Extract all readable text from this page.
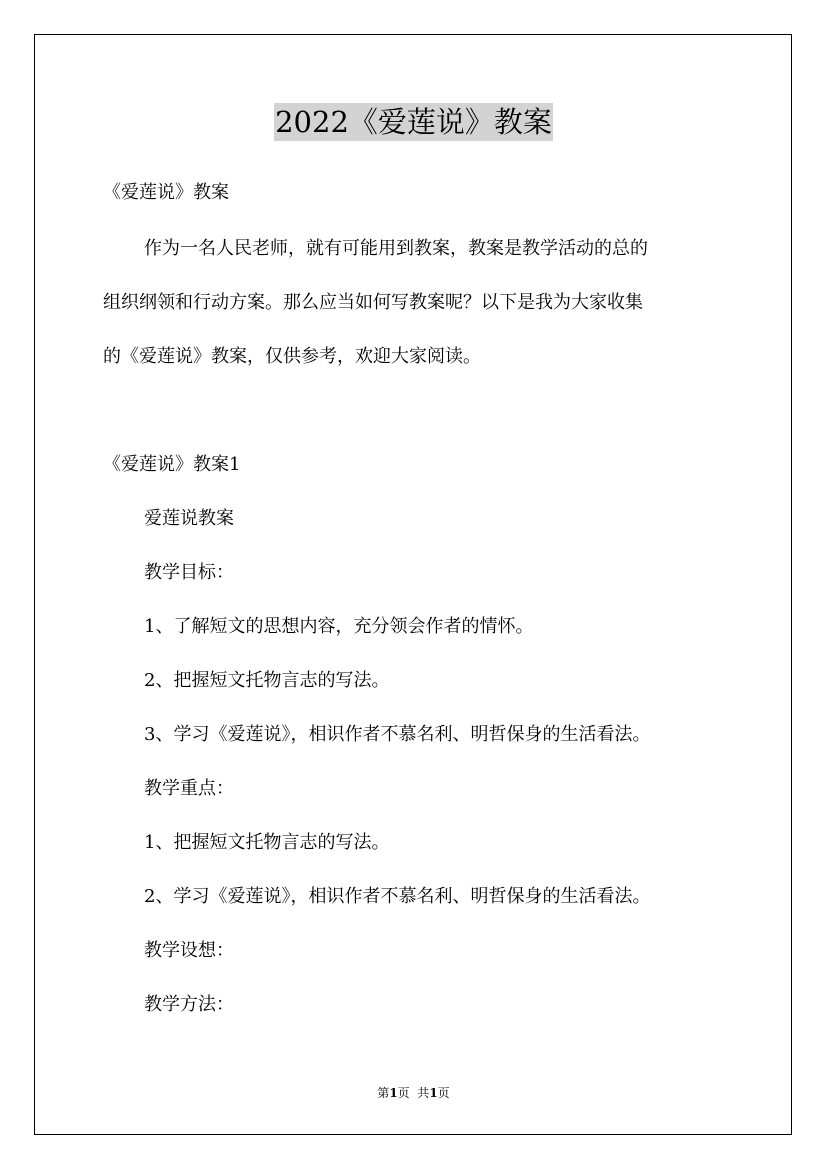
2022《爱莲说》教案
《爱莲说》教案
作为一名人民老师，就有可能用到教案，教案是教学活动的总的
组织纲领和行动方案。那么应当如何写教案呢？以下是我为大家收集
的《爱莲说》教案，仅供参考，欢迎大家阅读。
《爱莲说》教案1
爱莲说教案
教学目标：
1、了解短文的思想内容，充分领会作者的情怀。
2、把握短文托物言志的写法。
3、学习《爱莲说》，相识作者不慕名利、明哲保身的生活看法。
教学重点：
1、把握短文托物言志的写法。
2、学习《爱莲说》，相识作者不慕名利、明哲保身的生活看法。
教学设想：
教学方法：
第1页  共1页
